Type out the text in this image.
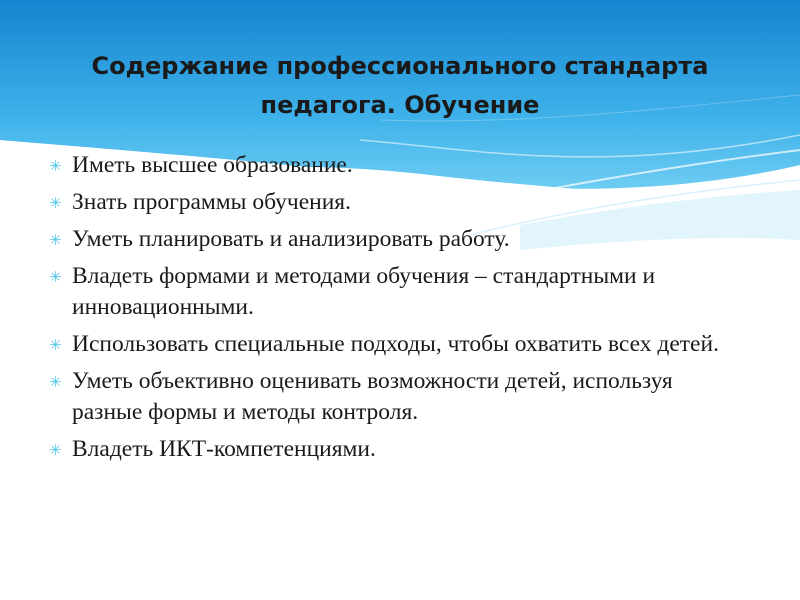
Содержание профессионального стандарта педагога. Обучение
✳ Иметь высшее образование.
✳ Знать программы обучения.
✳ Уметь планировать и анализировать работу.
✳ Владеть формами и методами обучения – стандартными и инновационными.
✳ Использовать специальные подходы, чтобы охватить всех детей.
✳ Уметь объективно оценивать возможности детей, используя разные формы и методы контроля.
✳ Владеть ИКТ-компетенциями.
